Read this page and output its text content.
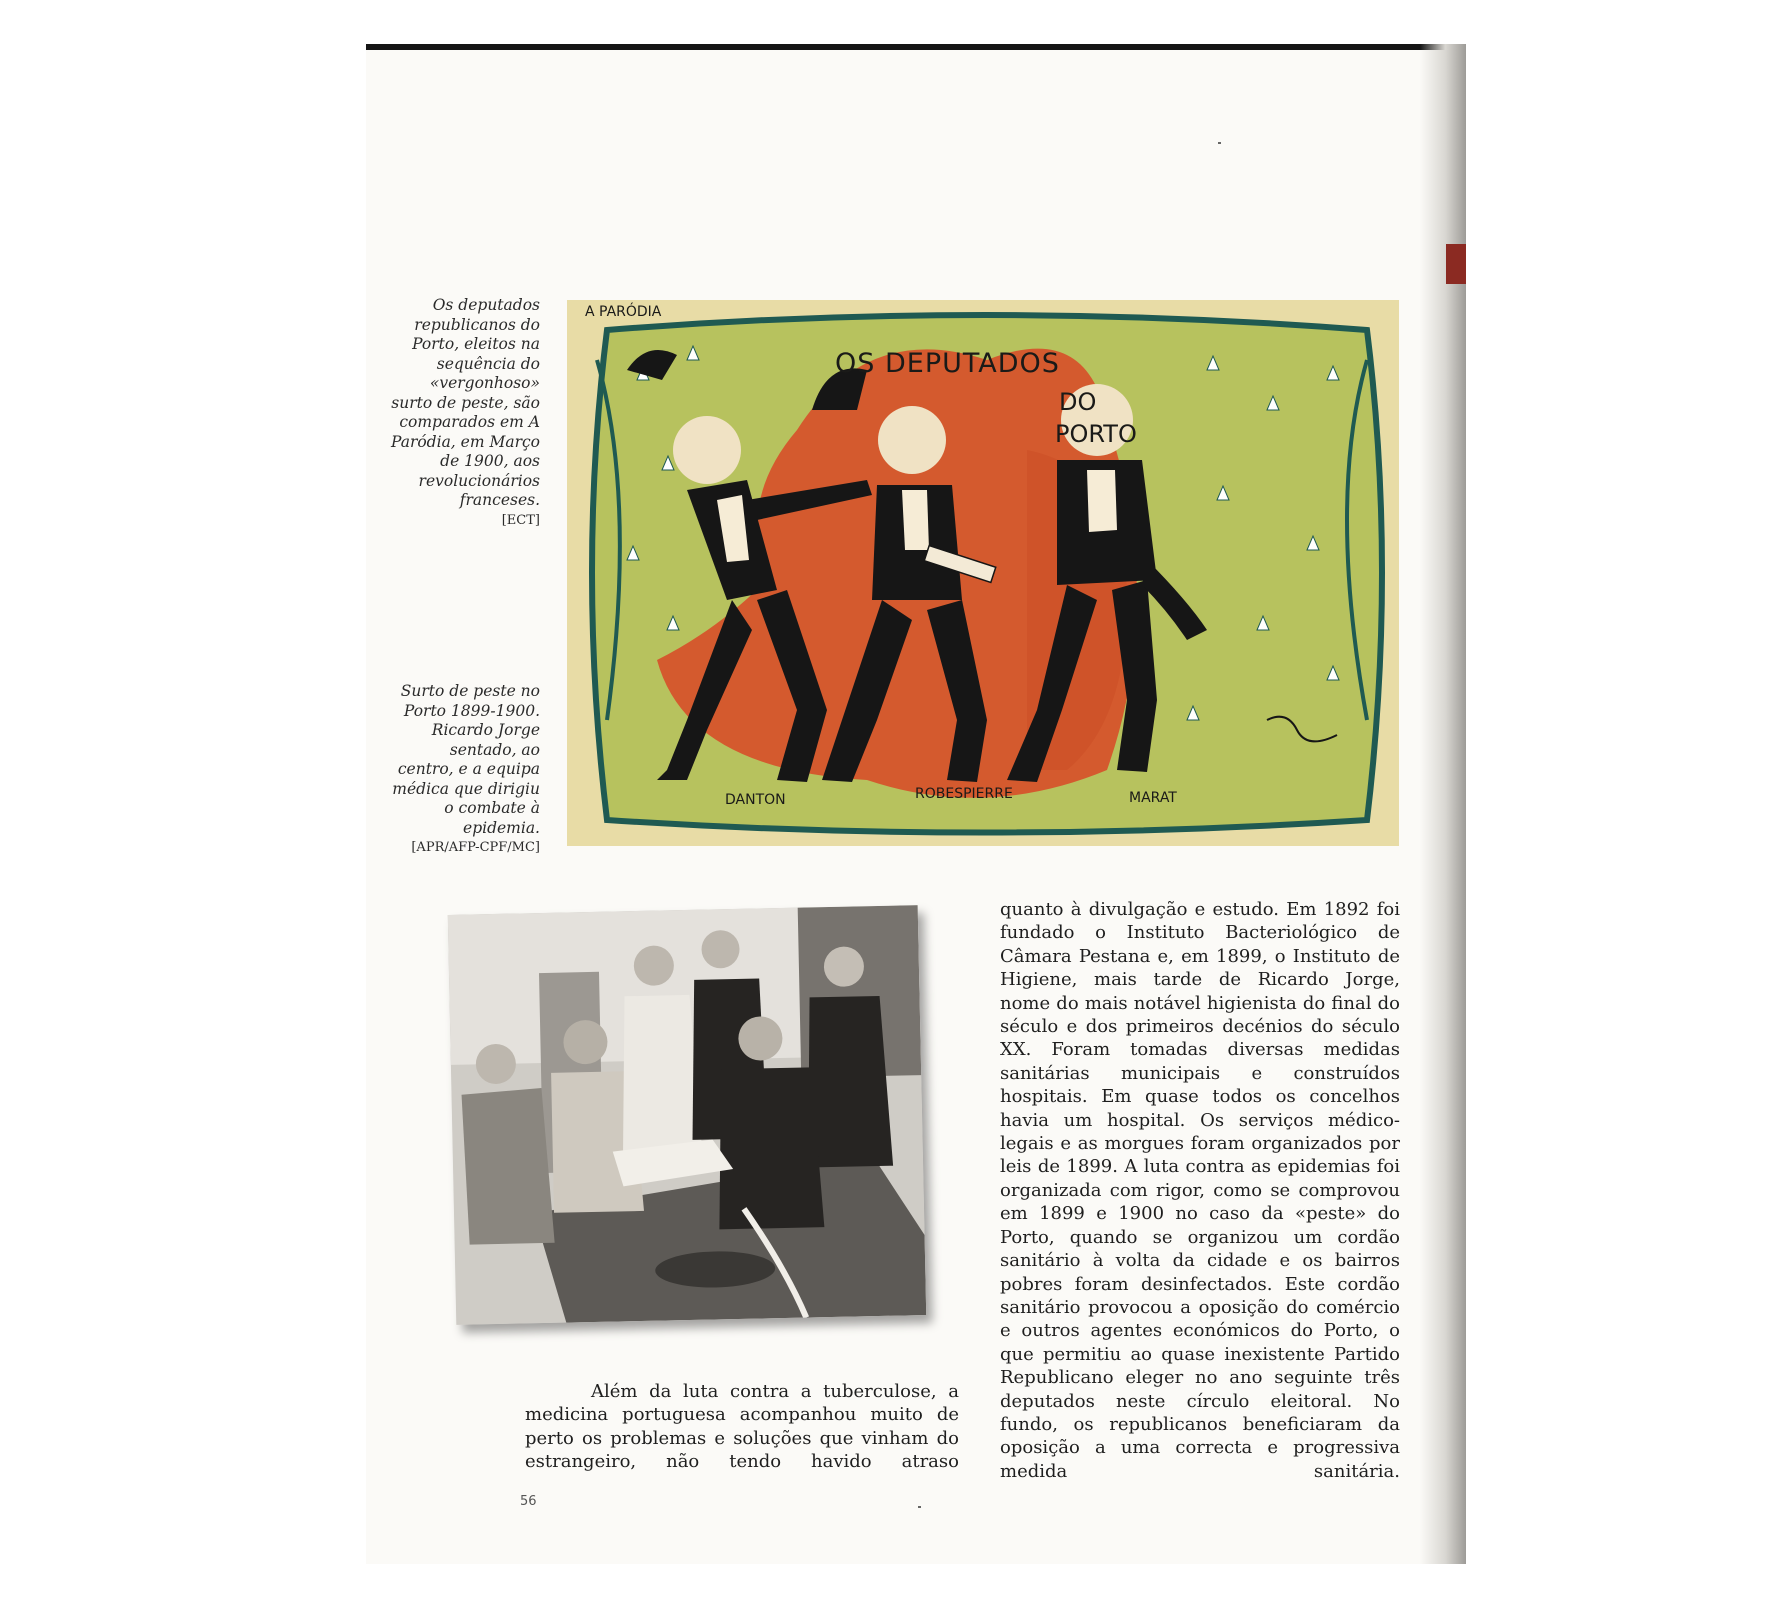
Os deputados republicanos do Porto, eleitos na sequência do «vergonhoso» surto de peste, são comparados em A Paródia, em Março de 1900, aos revolucionários franceses.
[ECT]
Surto de peste no Porto 1899-1900. Ricardo Jorge sentado, ao centro, e a equipa médica que dirigiu o combate à epidemia.
[APR/AFP-CPF/MC]
A PARÓDIA
OS DEPUTADOS
DO
PORTO
DANTON	ROBESPIERRE	MARAT

quanto à divulgação e estudo. Em 1892 foi fundado o Instituto Bacteriológico de Câmara Pestana e, em 1899, o Instituto de Higiene, mais tarde de Ricardo Jorge, nome do mais notável higienista do final do século e dos primeiros decénios do século XX. Foram tomadas diversas medidas sanitárias municipais e construídos hospitais. Em quase todos os concelhos havia um hospital. Os serviços médico-legais e as morgues foram organizados por leis de 1899. A luta contra as epidemias foi organizada com rigor, como se comprovou em 1899 e 1900 no caso da «peste» do Porto, quando se organizou um cordão sanitário à volta da cidade e os bairros pobres foram desinfectados. Este cordão sanitário provocou a oposição do comércio e outros agentes económicos do Porto, o que permitiu ao quase inexistente Partido Republicano eleger no ano seguinte três deputados neste círculo eleitoral. No fundo, os republicanos beneficiaram da oposição a uma correcta e progressiva medida sanitária.

Além da luta contra a tuberculose, a medicina portuguesa acompanhou muito de perto os problemas e soluções que vinham do estrangeiro, não tendo havido atraso

56
